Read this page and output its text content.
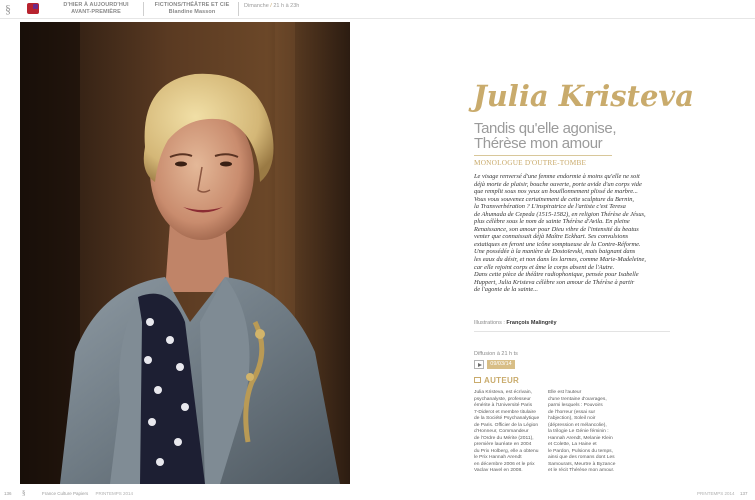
§	D'HIER À AUJOURD'HUI
AVANT-PREMIÈRE
FICTIONS/THÉÂTRE ET CIE
Blandine Masson
Dimanche / 21 h à 23h
Julia Kristeva
Tandis qu'elle agonise,
Thérèse mon amour
MONOLOGUE D'OUTRE-TOMBE
Le visage renversé d'une femme endormie à moins qu'elle ne soit
déjà morte de plaisir, bouche ouverte, porte avide d'un corps vide
que remplit sous nos yeux un bouillonnement plissé de marbre...
Vous vous souvenez certainement de cette sculpture du Bernin,
la Transverbération ? L'inspiratrice de l'artiste c'est Teresa
de Ahumada de Cepeda (1515-1582), en religion Thérèse de Jésus,
plus célèbre sous le nom de sainte Thérèse d'Avila. En pleine
Renaissance, son amour pour Dieu vibre de l'intensité du beatus
venter que connaissait déjà Maître Eckhart. Ses convulsions
extatiques en feront une icône somptueuse de la Contre-Réforme.
Une possédée à la manière de Dostoïevski, mais baignant dans
les eaux du désir, et non dans les larmes, comme Marie-Madeleine,
car elle rejoint corps et âme le corps absent de l'Autre.
Dans cette pièce de théâtre radiophonique, pensée pour Isabelle
Huppert, Julia Kristeva célèbre son amour de Thérèse à partir
de l'agonie de la sainte...
Illustrations : François Malingrëy
Diffusion à 21 h ts
09/03/14
AUTEUR
Julia Kristeva, est écrivain,
psychanalyste, professeur
émérite à l'Université Paris
7-Diderot et membre titulaire
de la Société Psychanalytique
de Paris. Officier de la Légion
d'Honneur, Commandeur
de l'Ordre du Mérite (2011),
première lauréate en 2004
du Prix Holberg, elle a obtenu
le Prix Hannah Arendt
en décembre 2006 et le prix
Vaclav Havel en 2008.
Elle est l'auteur
d'une trentaine d'ouvrages,
parmi lesquels : Pouvoirs
de l'horreur (essai sur
l'abjection), Soleil noir
(dépression et mélancolie),
la trilogie Le Génie féminin :
Hannah Arendt, Melanie Klein
et Colette, La Haine et
le Pardon, Pulsions du temps,
ainsi que des romans dont Les
Samouraïs, Meurtre à Byzance
et le récit Thérèse mon amour.
136 §	France Culture Papiers PRINTEMPS 2014	PRINTEMPS 2014 137
